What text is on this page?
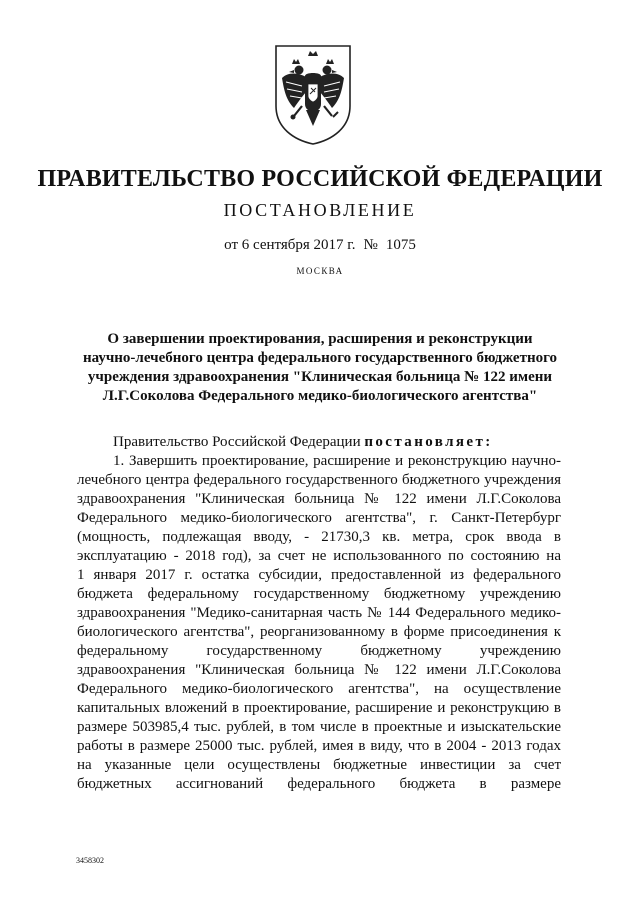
ПРАВИТЕЛЬСТВО РОССИЙСКОЙ ФЕДЕРАЦИИ
ПОСТАНОВЛЕНИЕ
от 6 сентября 2017 г. № 1075
МОСКВА
О завершении проектирования, расширения и реконструкции
научно-лечебного центра федерального государственного бюджетного
учреждения здравоохранения "Клиническая больница № 122 имени
Л.Г.Соколова Федерального медико-биологического агентства"
Правительство Российской Федерации постановляет:
1. Завершить проектирование, расширение и реконструкцию научно-
лечебного центра федерального государственного бюджетного учреждения
здравоохранения "Клиническая больница № 122 имени Л.Г.Соколова
Федерального медико-биологического агентства", г. Санкт-Петербург
(мощность, подлежащая вводу, - 21730,3 кв. метра, срок ввода в
эксплуатацию - 2018 год), за счет не использованного по состоянию на
1 января 2017 г. остатка субсидии, предоставленной из федерального
бюджета федеральному государственному бюджетному учреждению
здравоохранения "Медико-санитарная часть № 144 Федерального медико-
биологического агентства", реорганизованному в форме присоединения к
федеральному государственному бюджетному учреждению
здравоохранения "Клиническая больница № 122 имени Л.Г.Соколова
Федерального медико-биологического агентства", на осуществление
капитальных вложений в проектирование, расширение и реконструкцию в
размере 503985,4 тыс. рублей, в том числе в проектные и изыскательские
работы в размере 25000 тыс. рублей, имея в виду, что в 2004 - 2013 годах
на указанные цели осуществлены бюджетные инвестиции за счет
бюджетных ассигнований федерального бюджета в размере
3458302
